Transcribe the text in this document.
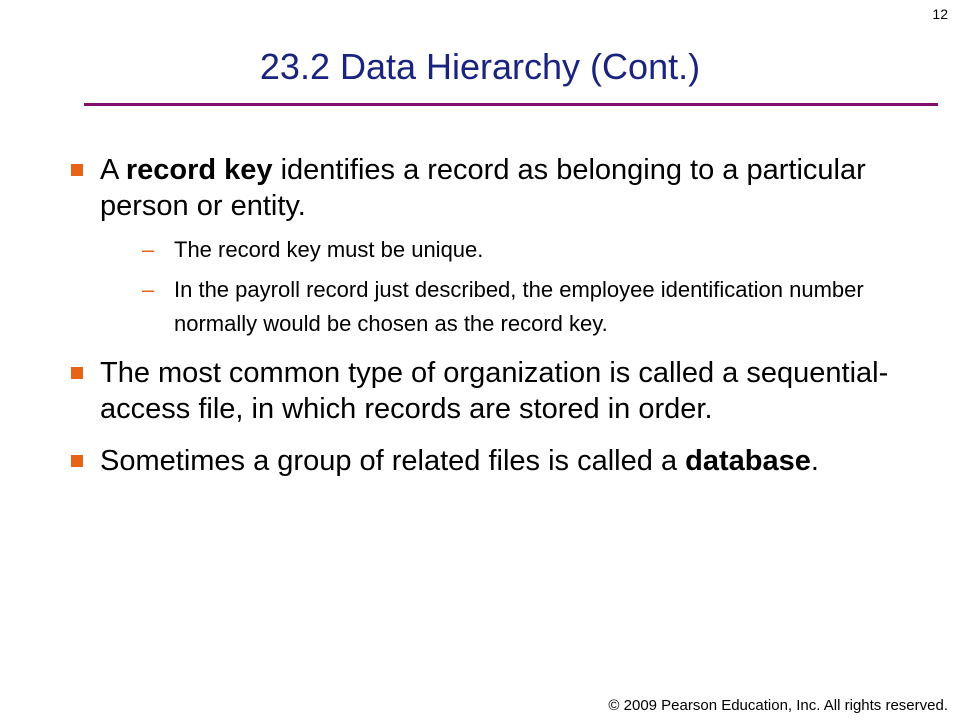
12
23.2 Data Hierarchy (Cont.)
A record key identifies a record as belonging to a particular person or entity.
– The record key must be unique.
– In the payroll record just described, the employee identification number normally would be chosen as the record key.
The most common type of organization is called a sequential-access file, in which records are stored in order.
Sometimes a group of related files is called a database.
© 2009 Pearson Education, Inc. All rights reserved.
